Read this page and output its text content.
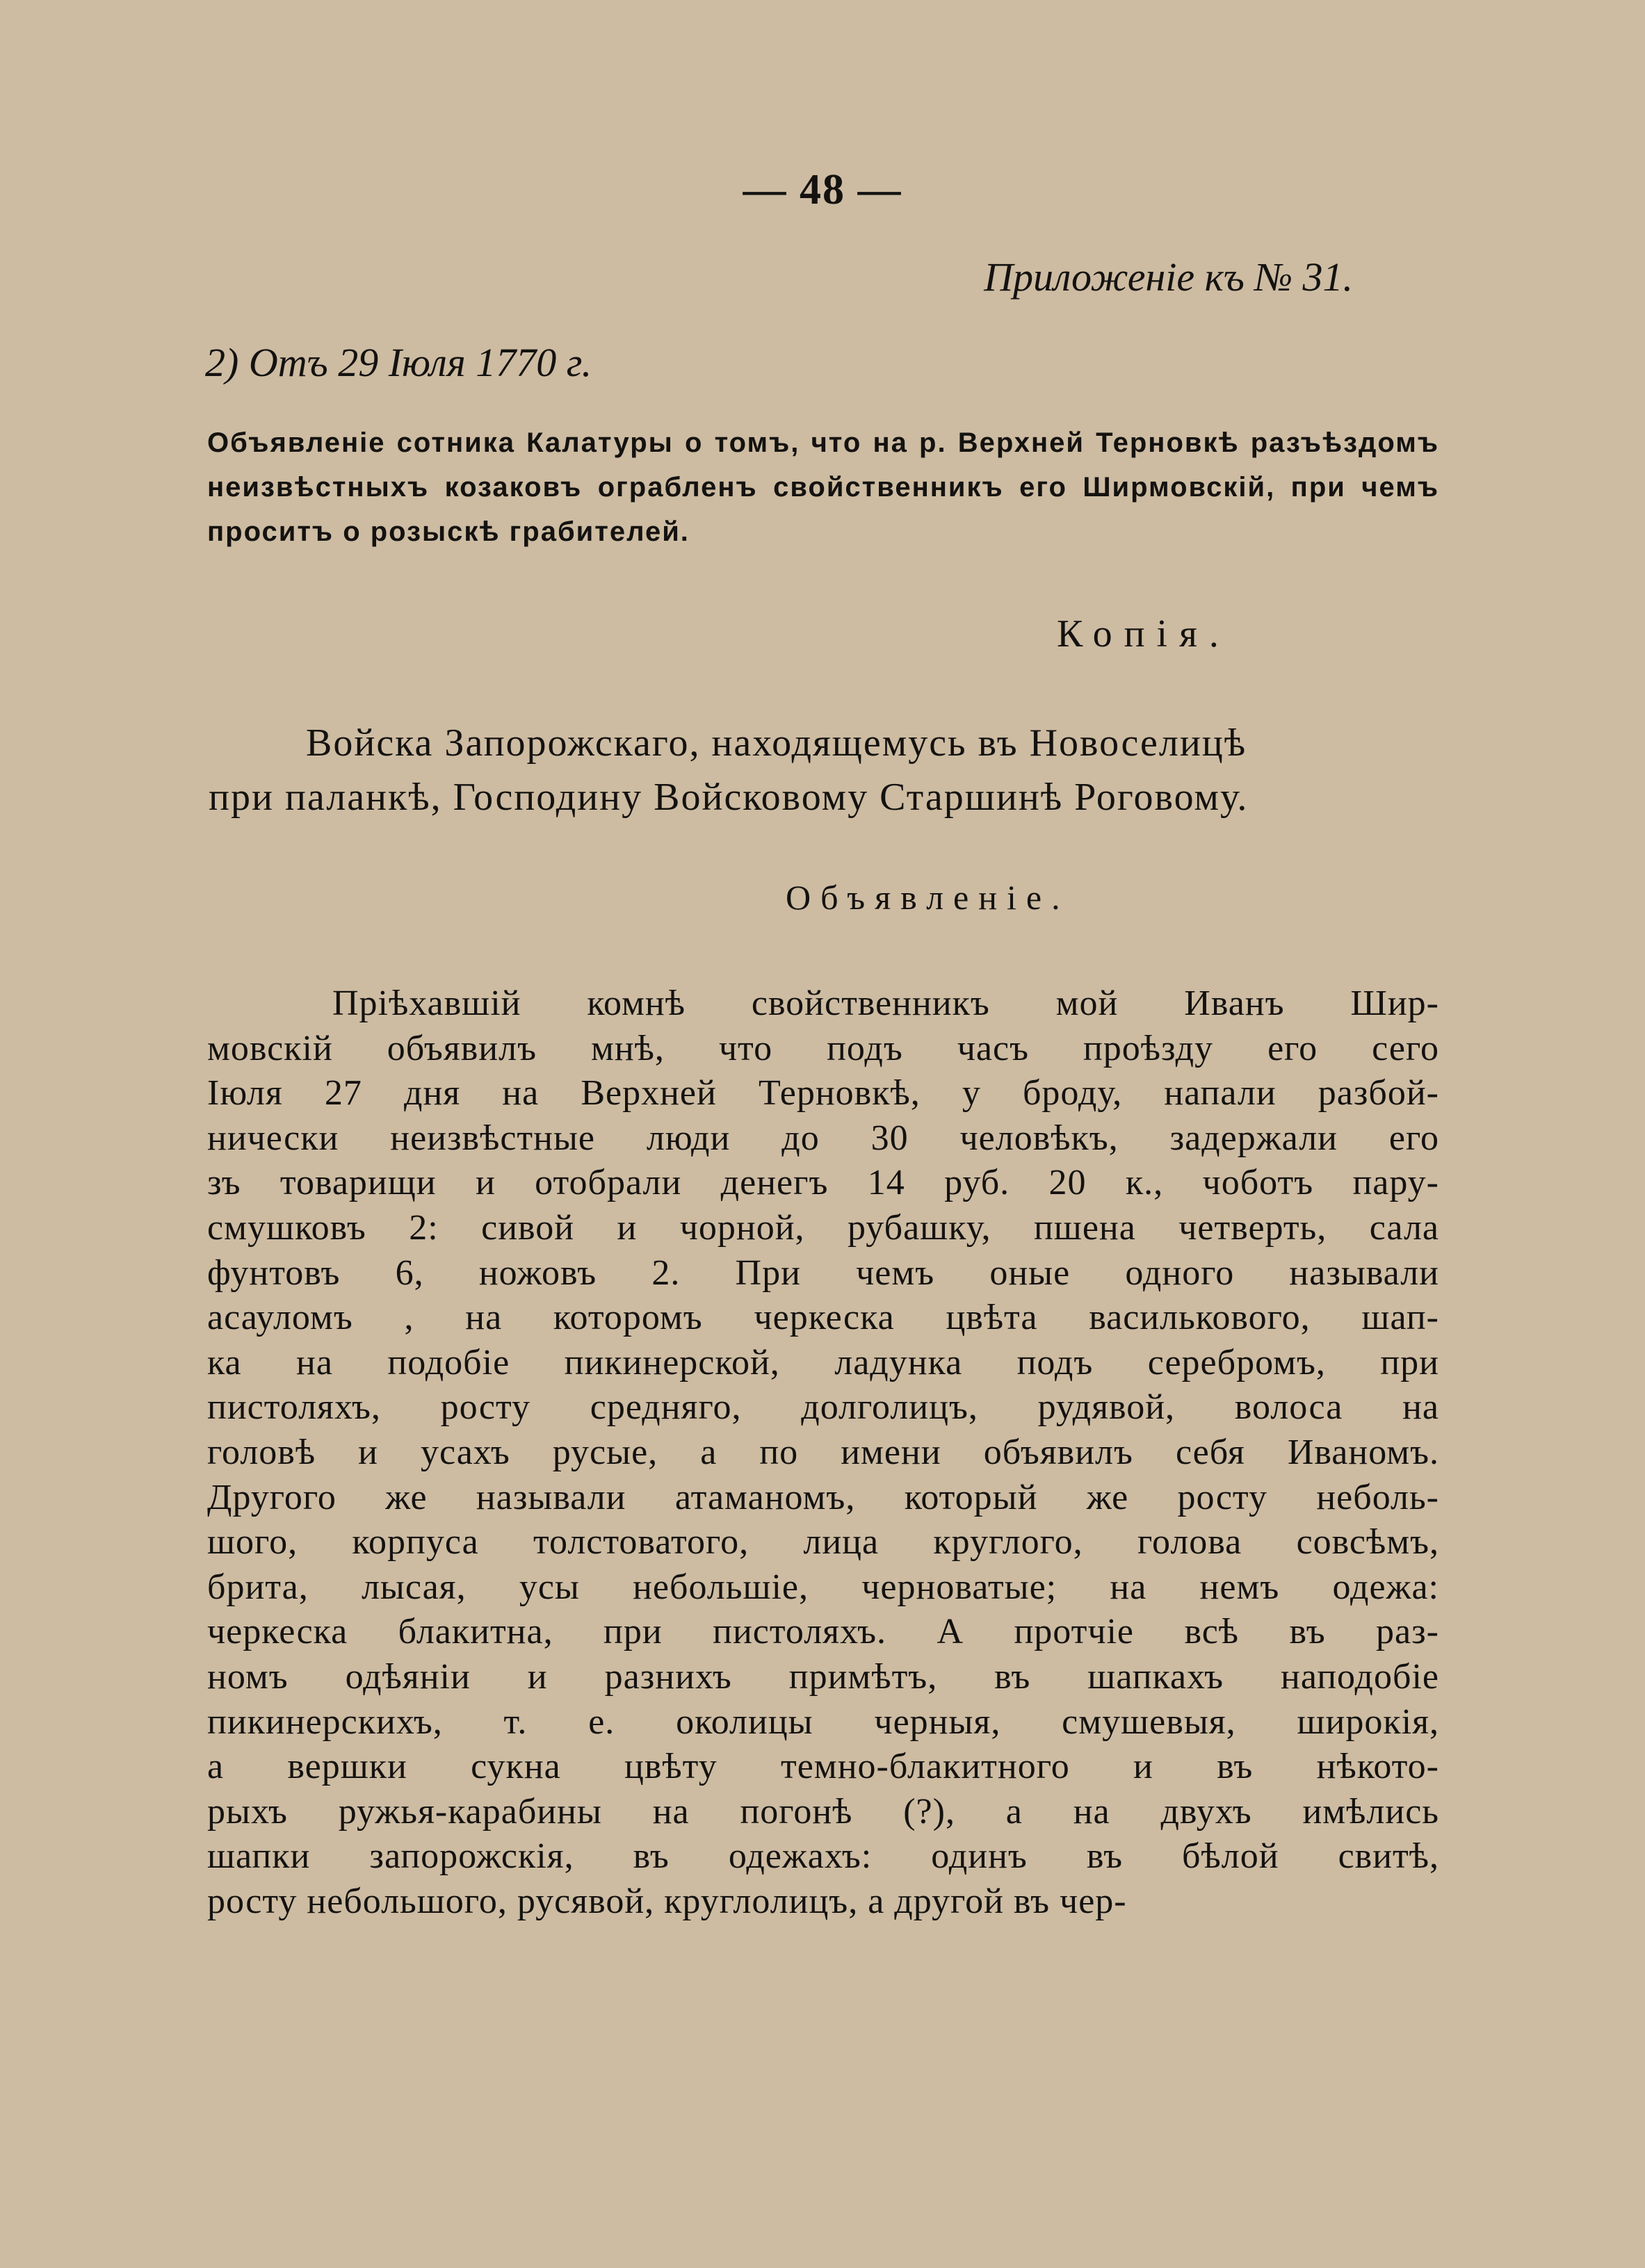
— 48 —
Приложеніе къ № 31.
2) Отъ 29 Іюля 1770 г.
Объявленіе сотника Калатуры о томъ, что на р. Верхней Терновкѣ разъѣздомъ неизвѣстныхъ козаковъ ограбленъ свойственникъ его Ширмовскій, при чемъ проситъ о розыскѣ грабителей.
Копія.
Войска Запорожскаго, находящемусь въ Новоселицѣ
при паланкѣ, Господину Войсковому Старшинѣ Роговому.
Объявленіе.
Пріѣхавшій комнѣ свойственникъ мой Иванъ Шир-
мовскій объявилъ мнѣ, что подъ часъ проѣзду его сего
Іюля 27 дня на Верхней Терновкѣ, у броду, напали разбой-
нически неизвѣстные люди до 30 человѣкъ, задержали его
зъ товарищи и отобрали денегъ 14 руб. 20 к., чоботъ пару-
смушковъ 2: сивой и чорной, рубашку, пшена четверть, сала
фунтовъ 6, ножовъ 2. При чемъ оные одного называли
асауломъ , на которомъ черкеска цвѣта василькового, шап-
ка на подобіе пикинерской, ладунка подъ серебромъ, при
пистоляхъ, росту средняго, долголицъ, рудявой, волоса на
головѣ и усахъ русые, а по имени объявилъ себя Иваномъ.
Другого же называли атаманомъ, который же росту неболь-
шого, корпуса толстоватого, лица круглого, голова совсѣмъ,
брита, лысая, усы небольшіе, черноватые; на немъ одежа:
черкеска блакитна, при пистоляхъ. А протчіе всѣ въ раз-
номъ одѣяніи и разнихъ примѣтъ, въ шапкахъ наподобіе
пикинерскихъ, т. е. околицы черныя, смушевыя, широкія,
а вершки сукна цвѣту темно-блакитного и въ нѣкото-
рыхъ ружья-карабины на погонѣ (?), а на двухъ имѣлись
шапки запорожскія, въ одежахъ: одинъ въ бѣлой свитѣ,
росту небольшого, русявой, круглолицъ, а другой въ чер-
